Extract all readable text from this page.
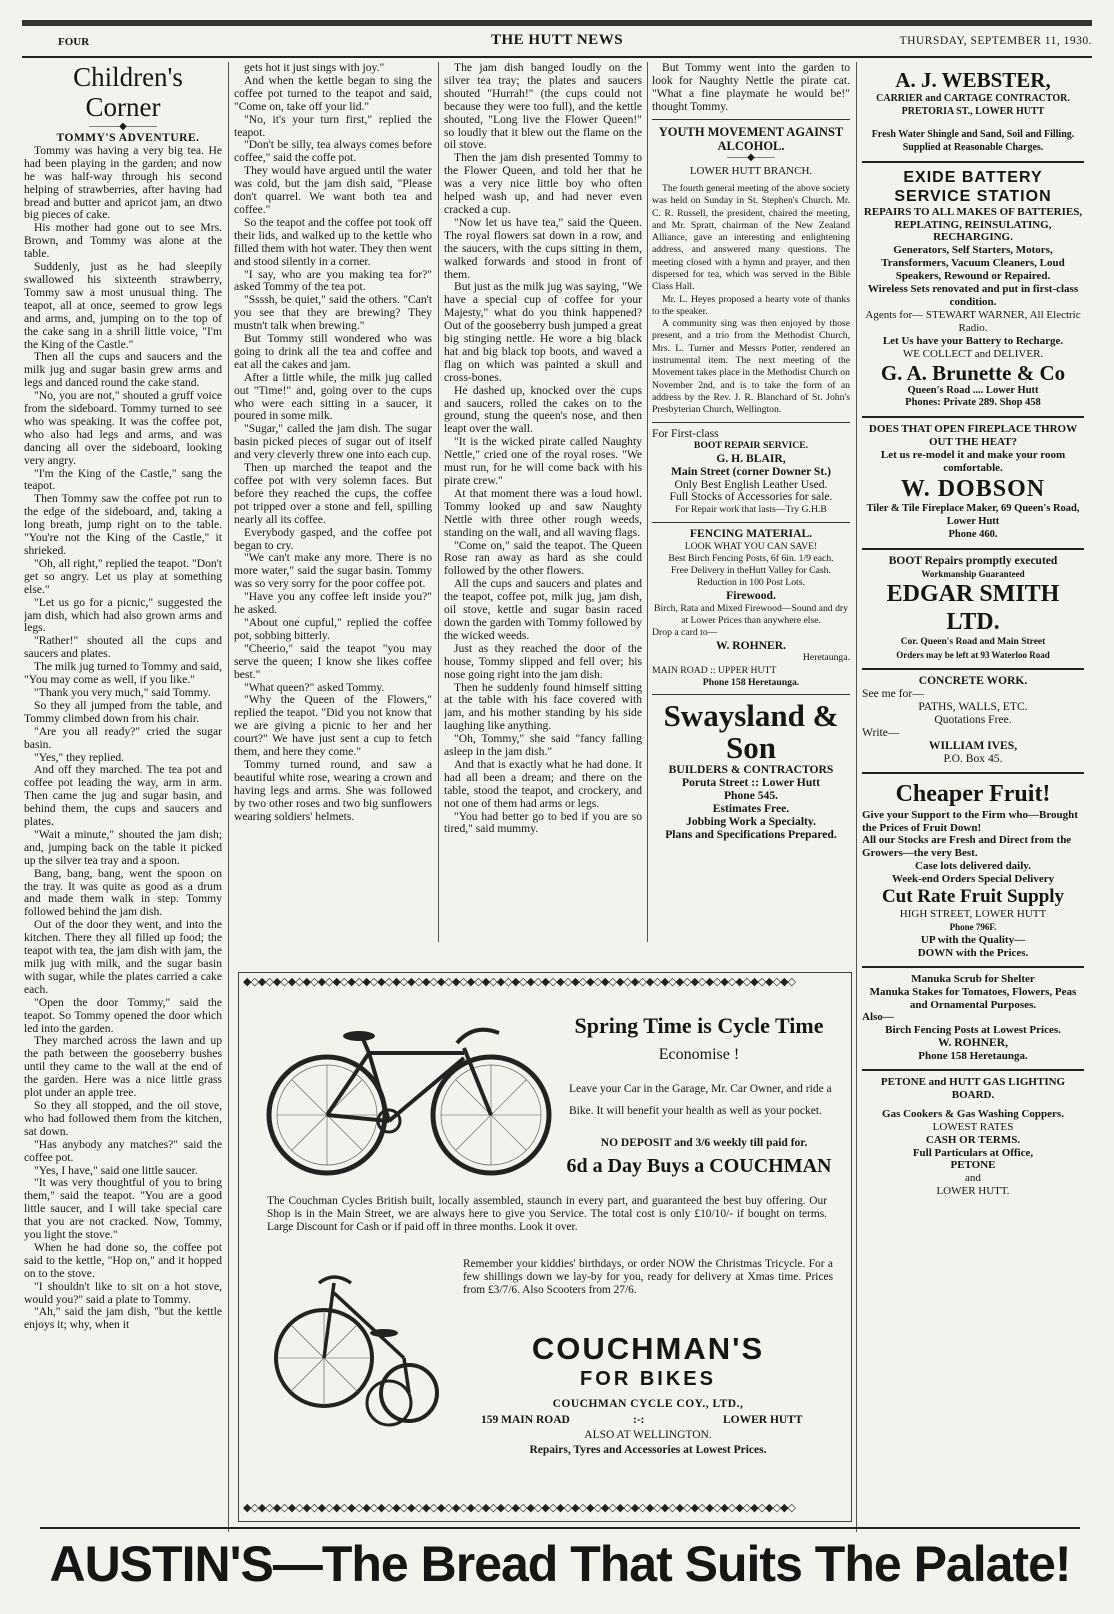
FOUR	THE HUTT NEWS	THURSDAY, SEPTEMBER 11, 1930.

Children's Corner

———◆———

TOMMY'S ADVENTURE.

Tommy was having a very big tea. He had been playing in the garden; and now he was half-way through his second helping of strawberries, after having had bread and butter and apricot jam, an dtwo big pieces of cake.

His mother had gone out to see Mrs. Brown, and Tommy was alone at the table.

Suddenly, just as he had sleepily swallowed his sixteenth strawberry, Tommy saw a most unusual thing. The teapot, all at once, seemed to grow legs and arms, and, jumping on to the top of the cake sang in a shrill little voice, "I'm the King of the Castle."

Then all the cups and saucers and the milk jug and sugar basin grew arms and legs and danced round the cake stand.

"No, you are not," shouted a gruff voice from the sideboard. Tommy turned to see who was speaking. It was the coffee pot, who also had legs and arms, and was dancing all over the sideboard, looking very angry.

"I'm the King of the Castle," sang the teapot.

Then Tommy saw the coffee pot run to the edge of the sideboard, and, taking a long breath, jump right on to the table. "You're not the King of the Castle," it shrieked.

"Oh, all right," replied the teapot. "Don't get so angry. Let us play at something else."

"Let us go for a picnic," suggested the jam dish, which had also grown arms and legs.

"Rather!" shouted all the cups and saucers and plates.

The milk jug turned to Tommy and said, "You may come as well, if you like."

"Thank you very much," said Tommy.

So they all jumped from the table, and Tommy climbed down from his chair.

"Are you all ready?" cried the sugar basin.

"Yes," they replied.

And off they marched. The tea pot and coffee pot leading the way, arm in arm. Then came the jug and sugar basin, and behind them, the cups and saucers and plates.

"Wait a minute," shouted the jam dish; and, jumping back on the table it picked up the silver tea tray and a spoon.

Bang, bang, bang, went the spoon on the tray. It was quite as good as a drum and made them walk in step. Tommy followed behind the jam dish.

Out of the door they went, and into the kitchen. There they all filled up food; the teapot with tea, the jam dish with jam, the milk jug with milk, and the sugar basin with sugar, while the plates carried a cake each.

"Open the door Tommy," said the teapot. So Tommy opened the door which led into the garden.

They marched across the lawn and up the path between the gooseberry bushes until they came to the wall at the end of the garden. Here was a nice little grass plot under an apple tree.

So they all stopped, and the oil stove, who had followed them from the kitchen, sat down.

"Has anybody any matches?" said the coffee pot.

"Yes, I have," said one little saucer.

"It was very thoughtful of you to bring them," said the teapot. "You are a good little saucer, and I will take special care that you are not cracked. Now, Tommy, you light the stove."

When he had done so, the coffee pot said to the kettle, "Hop on," and it hopped on to the stove.

"I shouldn't like to sit on a hot stove, would you?" said a plate to Tommy.

"Ah," said the jam dish, "but the kettle enjoys it; why, when it

gets hot it just sings with joy."

And when the kettle began to sing the coffee pot turned to the teapot and said, "Come on, take off your lid."

"No, it's your turn first," replied the teapot.

"Don't be silly, tea always comes before coffee," said the coffe pot.

They would have argued until the water was cold, but the jam dish said, "Please don't quarrel. We want both tea and coffee."

So the teapot and the coffee pot took off their lids, and walked up to the kettle who filled them with hot water. They then went and stood silently in a corner.

"I say, who are you making tea for?" asked Tommy of the tea pot.

"Ssssh, be quiet," said the others. "Can't you see that they are brewing? They mustn't talk when brewing."

But Tommy still wondered who was going to drink all the tea and coffee and eat all the cakes and jam.

After a little while, the milk jug called out "Time!" and, going over to the cups who were each sitting in a saucer, it poured in some milk.

"Sugar," called the jam dish. The sugar basin picked pieces of sugar out of itself and very cleverly threw one into each cup.

Then up marched the teapot and the coffee pot with very solemn faces. But before they reached the cups, the coffee pot tripped over a stone and fell, spilling nearly all its coffee.

Everybody gasped, and the coffee pot began to cry.

"We can't make any more. There is no more water," said the sugar basin. Tommy was so very sorry for the poor coffee pot.

"Have you any coffee left inside you?" he asked.

"About one cupful," replied the coffee pot, sobbing bitterly.

"Cheerio," said the teapot "you may serve the queen; I know she likes coffee best."

"What queen?" asked Tommy.

"Why the Queen of the Flowers," replied the teapot. "Did you not know that we are giving a picnic to her and her court?" We have just sent a cup to fetch them, and here they come."

Tommy turned round, and saw a beautiful white rose, wearing a crown and having legs and arms. She was followed by two other roses and two big sunflowers wearing soldiers' helmets.

The jam dish banged loudly on the silver tea tray; the plates and saucers shouted "Hurrah!" (the cups could not because they were too full), and the kettle shouted, "Long live the Flower Queen!" so loudly that it blew out the flame on the oil stove.

Then the jam dish presented Tommy to the Flower Queen, and told her that he was a very nice little boy who often helped wash up, and had never even cracked a cup.

"Now let us have tea," said the Queen. The royal flowers sat down in a row, and the saucers, with the cups sitting in them, walked forwards and stood in front of them.

But just as the milk jug was saying, "We have a special cup of coffee for your Majesty," what do you think happened? Out of the gooseberry bush jumped a great big stinging nettle. He wore a big black hat and big black top boots, and waved a flag on which was painted a skull and cross-bones.

He dashed up, knocked over the cups and saucers, rolled the cakes on to the ground, stung the queen's nose, and then leapt over the wall.

"It is the wicked pirate called Naughty Nettle," cried one of the royal roses. "We must run, for he will come back with his pirate crew."

At that moment there was a loud howl. Tommy looked up and saw Naughty Nettle with three other rough weeds, standing on the wall, and all waving flags.

"Come on," said the teapot. The Queen Rose ran away as hard as she could followed by the other flowers.

All the cups and saucers and plates and the teapot, coffee pot, milk jug, jam dish, oil stove, kettle and sugar basin raced down the garden with Tommy followed by the wicked weeds.

Just as they reached the door of the house, Tommy slipped and fell over; his nose going right into the jam dish.

Then he suddenly found himself sitting at the table with his face covered with jam, and his mother standing by his side laughing like anything.

"Oh, Tommy," she said "fancy falling asleep in the jam dish."

And that is exactly what he had done. It had all been a dream; and there on the table, stood the teapot, and crockery, and not one of them had arms or legs.

"You had better go to bed if you are so tired," said mummy.

But Tommy went into the garden to look for Naughty Nettle the pirate cat. "What a fine playmate he would be!" thought Tommy.

YOUTH MOVEMENT AGAINST ALCOHOL.

——◆——

LOWER HUTT BRANCH.

The fourth general meeting of the above society was held on Sunday in St. Stephen's Church. Mr. C. R. Russell, the president, chaired the meeting, and Mr. Spratt, chairman of the New Zealand Alliance, gave an interesting and enlightening address, and answered many questions. The meeting closed with a hymn and prayer, and then dispersed for tea, which was served in the Bible Class Hall.

Mr. L. Heyes proposed a hearty vote of thanks to the speaker.

A community sing was then enjoyed by those present, and a trio from the Methodist Church, Mrs. L. Turner and Messrs Potter, rendered an instrumental item. The next meeting of the Movement takes place in the Methodist Church on November 2nd, and is to take the form of an address by the Rev. J. R. Blanchard of St. John's Presbyterian Church, Wellington.

For First-class

BOOT REPAIR SERVICE.

G. H. BLAIR,

Main Street (corner Downer St.)

Only Best English Leather Used.

Full Stocks of Accessories for sale.

For Repair work that lasts—Try G.H.B

FENCING MATERIAL.

LOOK WHAT YOU CAN SAVE!

Best Birch Fencing Posts, 6f 6in. 1/9 each.

Free Delivery in theHutt Valley for Cash.

Reduction in 100 Post Lots.

Firewood.

Birch, Rata and Mixed Firewood—Sound and dry at Lower Prices than anywhere else.

Drop a card to—

W. ROHNER.

Heretaunga.

MAIN ROAD :: UPPER HUTT

Phone 158 Heretaunga.

Swaysland & Son

BUILDERS & CONTRACTORS

Poruta Street :: Lower Hutt

Phone 545.

Estimates Free.

Jobbing Work a Specialty.

Plans and Specifications Prepared.

A. J. WEBSTER,

CARRIER and CARTAGE CONTRACTOR.

PRETORIA ST., LOWER HUTT

Fresh Water Shingle and Sand, Soil and Filling.

Supplied at Reasonable Charges.

EXIDE BATTERY

SERVICE STATION

REPAIRS TO ALL MAKES OF BATTERIES, REPLATING, REINSULATING, RECHARGING.

Generators, Self Starters, Motors, Transformers, Vacuum Cleaners, Loud Speakers, Rewound or Repaired.

Wireless Sets renovated and put in first-class condition.

Agents for— STEWART WARNER, All Electric Radio.

Let Us have your Battery to Recharge.

WE COLLECT and DELIVER.

G. A. Brunette & Co

Queen's Road .... Lower Hutt

Phones: Private 289. Shop 458

DOES THAT OPEN FIREPLACE THROW OUT THE HEAT?

Let us re-model it and make your room comfortable.

W. DOBSON

Tiler & Tile Fireplace Maker, 69 Queen's Road, Lower Hutt

Phone 460.

BOOT Repairs promptly executed

Workmanship Guaranteed

EDGAR SMITH LTD.

Cor. Queen's Road and Main Street

Orders may be left at 93 Waterloo Road

CONCRETE WORK.

See me for—

PATHS, WALLS, ETC.

Quotations Free.

Write—

WILLIAM IVES,

P.O. Box 45.

Cheaper Fruit!

Give your Support to the Firm who—Brought the Prices of Fruit Down!

All our Stocks are Fresh and Direct from the Growers—the very Best.

Case lots delivered daily.

Week-end Orders Special Delivery

Cut Rate Fruit Supply

HIGH STREET, LOWER HUTT

Phone 796F.

UP with the Quality—

DOWN with the Prices.

Manuka Scrub for Shelter

Manuka Stakes for Tomatoes, Flowers, Peas and Ornamental Purposes.

Also—

Birch Fencing Posts at Lowest Prices.

W. ROHNER,

Phone 158 Heretaunga.

PETONE and HUTT GAS LIGHTING BOARD.

Gas Cookers & Gas Washing Coppers.

LOWEST RATES

CASH OR TERMS.

Full Particulars at Office,

PETONE

and

LOWER HUTT.

◆◇◆◇◆◇◆◇◆◇◆◇◆◇◆◇◆◇◆◇◆◇◆◇◆◇◆◇◆◇◆◇◆◇◆◇◆◇◆◇◆◇◆◇◆◇◆◇◆◇◆◇◆◇◆◇◆◇◆◇◆◇◆◇◆◇◆◇◆◇◆◇◆◇
◆◇◆◇◆◇◆◇◆◇◆◇◆◇◆◇◆◇◆◇◆◇◆◇◆◇◆◇◆◇◆◇◆◇◆◇◆◇◆◇◆◇◆◇◆◇◆◇◆◇◆◇◆◇◆◇◆◇◆◇◆◇◆◇◆◇◆◇◆◇◆◇◆◇
Spring Time is Cycle Time
Economise !
Leave your Car in the Garage, Mr. Car Owner, and ride a Bike. It will benefit your health as well as your pocket.
NO DEPOSIT and 3/6 weekly till paid for.
6d a Day Buys a COUCHMAN
The Couchman Cycles British built, locally assembled, staunch in every part, and guaranteed the best buy offering. Our Shop is in the Main Street, we are always here to give you Service. The total cost is only £10/10/- if bought on terms. Large Discount for Cash or if paid off in three months. Look it over.
Remember your kiddies' birthdays, or order NOW the Christmas Tricycle. For a few shillings down we lay-by for you, ready for delivery at Xmas time. Prices from £3/7/6. Also Scooters from 27/6.
COUCHMAN'S
FOR BIKES
COUCHMAN CYCLE COY., LTD.,
159 MAIN ROAD	:-:	LOWER HUTT
ALSO AT WELLINGTON.
Repairs, Tyres and Accessories at Lowest Prices.
AUSTIN'S—The Bread That Suits The Palate!
